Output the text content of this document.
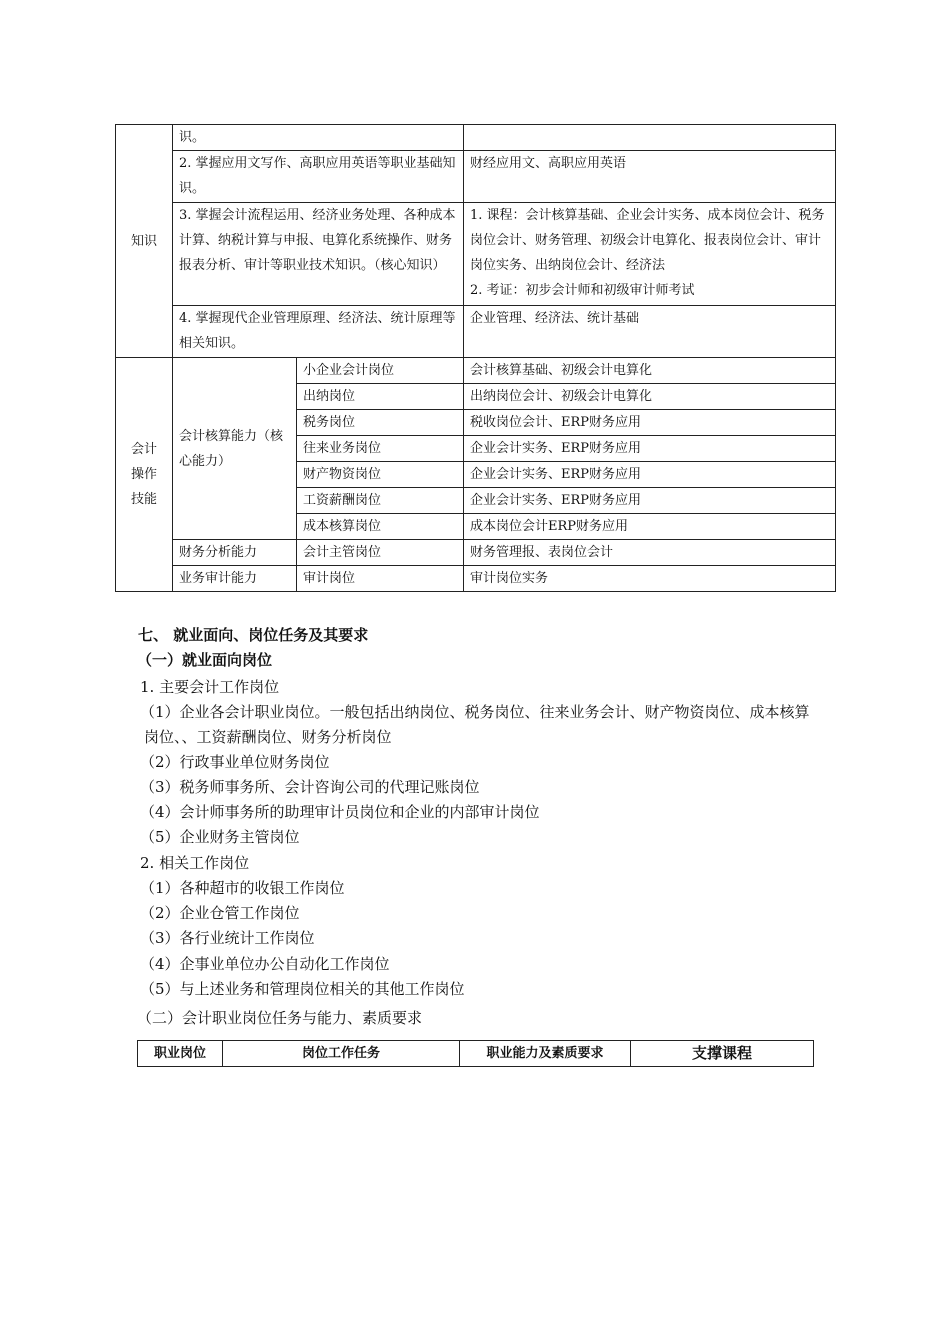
知识	识。		
	2. 掌握应用文写作、高职应用英语等职业基础知识。		财经应用文、高职应用英语
	3. 掌握会计流程运用、经济业务处理、各种成本计算、纳税计算与申报、电算化系统操作、财务报表分析、审计等职业技术知识。（核心知识）		1. 课程：会计核算基础、企业会计实务、成本岗位会计、税务岗位会计、财务管理、初级会计电算化、报表岗位会计、审计岗位实务、出纳岗位会计、经济法
2. 考证：初步会计师和初级审计师考试

	4. 掌握现代企业管理原理、经济法、统计原理等相关知识。		企业管理、经济法、统计基础

会计操作技能	会计核算能力（核心能力）	小企业会计岗位	会计核算基础、初级会计电算化
		出纳岗位	出纳岗位会计、初级会计电算化
		税务岗位	税收岗位会计、ERP财务应用
		往来业务岗位	企业会计实务、ERP财务应用
		财产物资岗位	企业会计实务、ERP财务应用
		工资薪酬岗位	企业会计实务、ERP财务应用
		成本核算岗位	成本岗位会计ERP财务应用
	财务分析能力	会计主管岗位	财务管理报、表岗位会计
	业务审计能力	审计岗位	审计岗位实务
七、 就业面向、岗位任务及其要求
（一）就业面向岗位
1. 主要会计工作岗位
（1）企业各会计职业岗位。一般包括出纳岗位、税务岗位、往来业务会计、财产物资岗位、成本核算
岗位、、工资薪酬岗位、财务分析岗位
（2）行政事业单位财务岗位
（3）税务师事务所、会计咨询公司的代理记账岗位
（4）会计师事务所的助理审计员岗位和企业的内部审计岗位
（5）企业财务主管岗位
2. 相关工作岗位
（1）各种超市的收银工作岗位
（2）企业仓管工作岗位
（3）各行业统计工作岗位
（4）企事业单位办公自动化工作岗位
（5）与上述业务和管理岗位相关的其他工作岗位
（二）会计职业岗位任务与能力、素质要求
职业岗位	岗位工作任务	职业能力及素质要求	支撑课程
